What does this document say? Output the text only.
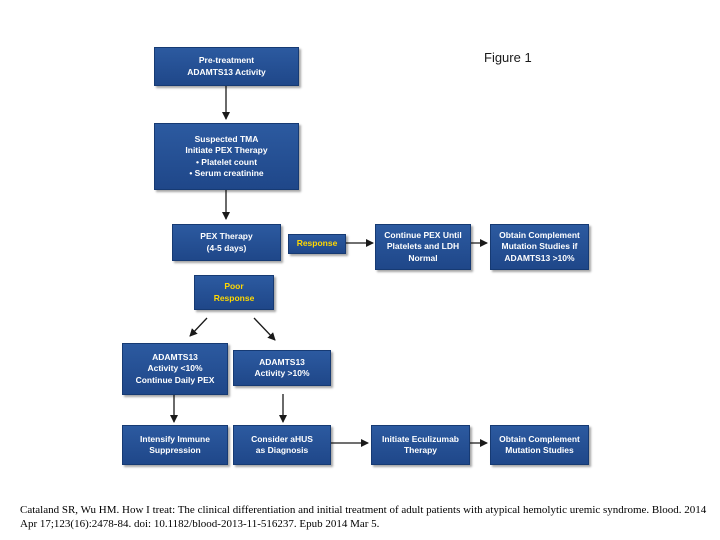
Figure 1
Pre-treatment
ADAMTS13 Activity
Suspected TMA
Initiate PEX Therapy
• Platelet count
• Serum creatinine
PEX Therapy
(4-5 days)	Response
Continue PEX Until
Platelets and LDH
Normal
Obtain Complement
Mutation Studies if
ADAMTS13 >10%
Poor
Response
ADAMTS13
Activity <10%
Continue Daily PEX
ADAMTS13
Activity >10%
Intensify Immune
Suppression
Consider aHUS
as Diagnosis
Initiate Eculizumab
Therapy
Obtain Complement
Mutation Studies
Cataland SR, Wu HM. How I treat: The clinical differentiation and initial treatment of adult patients with atypical hemolytic uremic syndrome. Blood. 2014 Apr 17;123(16):2478-84. doi: 10.1182/blood-2013-11-516237. Epub 2014 Mar 5.
